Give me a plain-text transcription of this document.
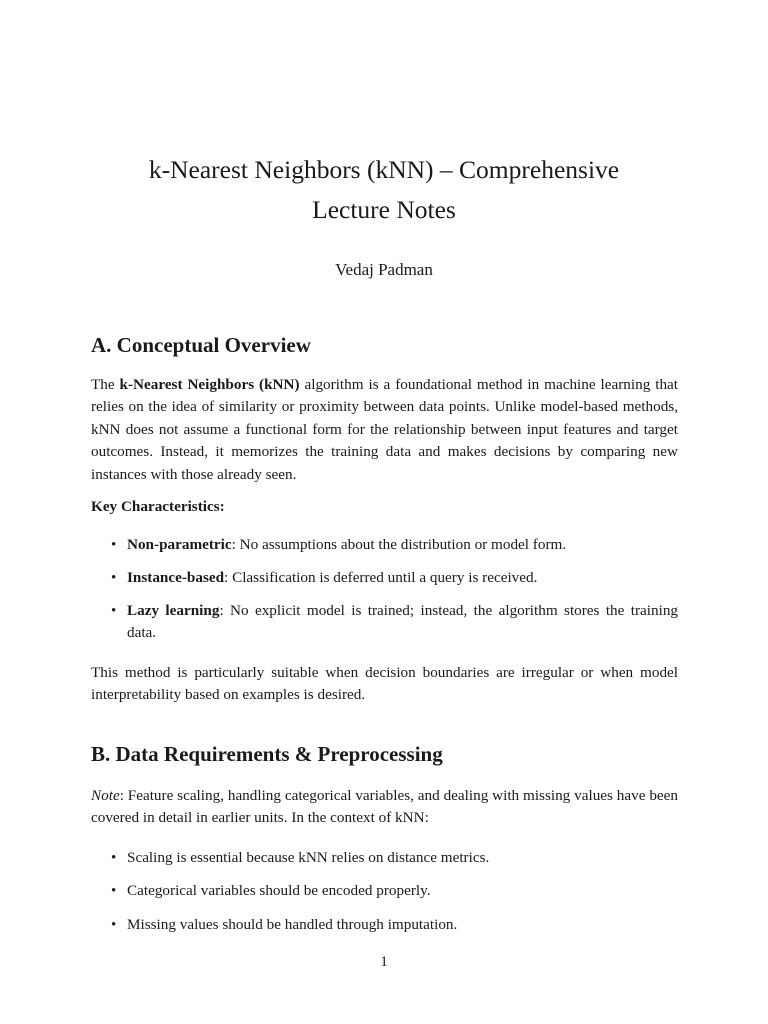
k-Nearest Neighbors (kNN) – Comprehensive
Lecture Notes
Vedaj Padman
A. Conceptual Overview

The k-Nearest Neighbors (kNN) algorithm is a foundational method in machine learning that relies on the idea of similarity or proximity between data points. Unlike model-based methods, kNN does not assume a functional form for the relationship between input features and target outcomes. Instead, it memorizes the training data and makes decisions by comparing new instances with those already seen.

Key Characteristics:

• Non-parametric: No assumptions about the distribution or model form.
• Instance-based: Classification is deferred until a query is received.
• Lazy learning: No explicit model is trained; instead, the algorithm stores the training data.

This method is particularly suitable when decision boundaries are irregular or when model interpretability based on examples is desired.

B. Data Requirements & Preprocessing

Note: Feature scaling, handling categorical variables, and dealing with missing values have been covered in detail in earlier units. In the context of kNN:

• Scaling is essential because kNN relies on distance metrics.
• Categorical variables should be encoded properly.
• Missing values should be handled through imputation.
1
